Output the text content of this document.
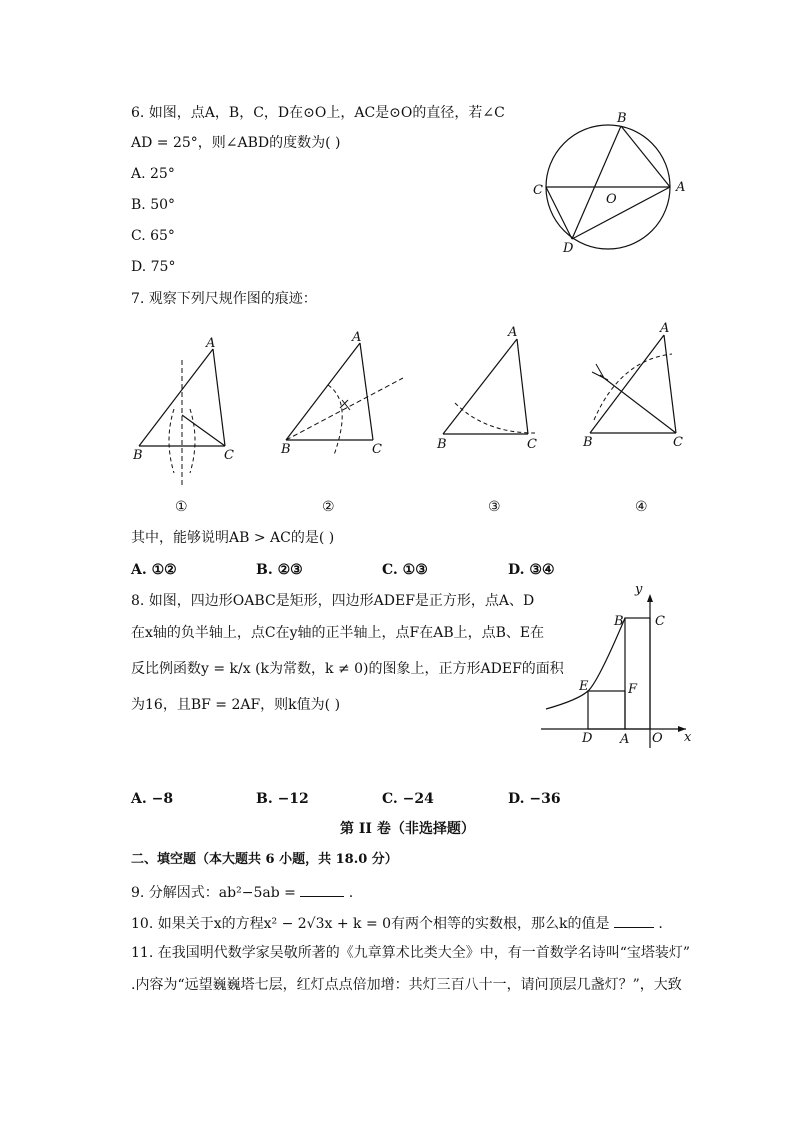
6. 如图，点A，B，C，D在⊙O上，AC是⊙O的直径，若∠C
AD = 25°，则∠ABD的度数为( )
A. 25°
B. 50°
C. 65°
D. 75°
B
A
C
O
D
7. 观察下列尺规作图的痕迹：
A
B	C
A
B	C
A
B	C
A
B	C
①	②	③	④
其中，能够说明AB > AC的是( )
A. ①②	B. ②③	C. ①③	D. ③④
8. 如图，四边形OABC是矩形，四边形ADEF是正方形，点A、D
在x轴的负半轴上，点C在y轴的正半轴上，点F在AB上，点B、E在
反比例函数y = k/x (k为常数，k ≠ 0)的图象上，正方形ADEF的面积
为16，且BF = 2AF，则k值为( )
y
B C
E	F
D A O x
A. −8	B. −12	C. −24	D. −36
第 II 卷（非选择题）
二、填空题（本大题共 6 小题，共 18.0 分）
9. 分解因式：ab²−5ab =	.
10. 如果关于x的方程x² − 2√3x + k = 0有两个相等的实数根，那么k的值是	.
11. 在我国明代数学家吴敬所著的《九章算术比类大全》中，有一首数学名诗叫“宝塔装灯”
.内容为“远望巍巍塔七层，红灯点点倍加增：共灯三百八十一，请问顶层几盏灯？”，大致
